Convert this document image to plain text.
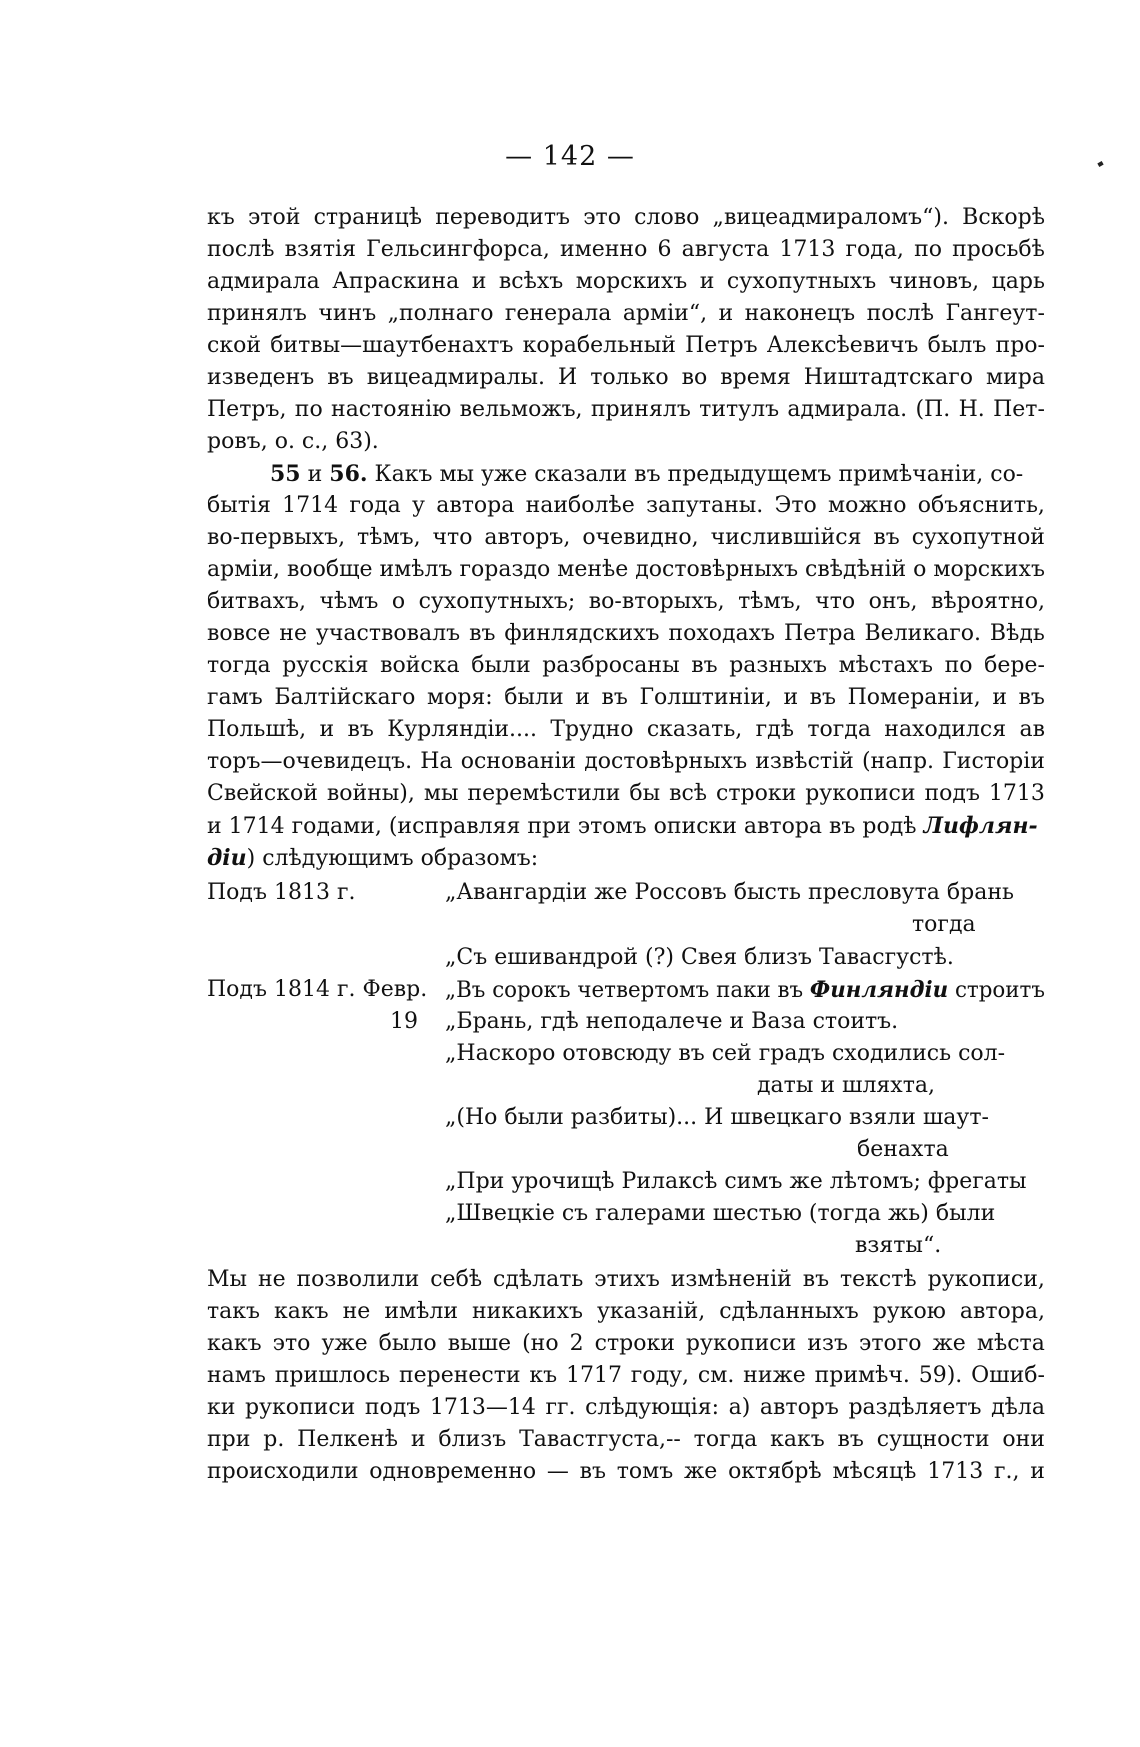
— 142 —
къ этой страницѣ переводитъ это слово „вицеадмираломъ“). Вскорѣ
послѣ взятія Гельсингфорса, именно 6 августа 1713 года, по просьбѣ
адмирала Апраскина и всѣхъ морскихъ и сухопутныхъ чиновъ, царь
принялъ чинъ „полнаго генерала арміи“, и наконецъ послѣ Гангеут-
ской битвы—шаутбенахтъ корабельный Петръ Алексѣевичъ былъ про-
изведенъ въ вицеадмиралы. И только во время Ништадтскаго мира
Петръ, по настоянію вельможъ, принялъ титулъ адмирала. (П. Н. Пет-
ровъ, о. с., 63).
55 и 56. Какъ мы уже сказали въ предыдущемъ примѣчаніи, со-
бытія 1714 года у автора наиболѣе запутаны. Это можно объяснить,
во-первыхъ, тѣмъ, что авторъ, очевидно, числившійся въ сухопутной
арміи, вообще имѣлъ гораздо менѣе достовѣрныхъ свѣдѣній о морскихъ
битвахъ, чѣмъ о сухопутныхъ; во-вторыхъ, тѣмъ, что онъ, вѣроятно,
вовсе не участвовалъ въ финлядскихъ походахъ Петра Великаго. Вѣдь
тогда русскія войска были разбросаны въ разныхъ мѣстахъ по бере-
гамъ Балтійскаго моря: были и въ Голштиніи, и въ Помераніи, и въ
Польшѣ, и въ Курляндіи.... Трудно сказать, гдѣ тогда находился ав
торъ—очевидецъ. На основаніи достовѣрныхъ извѣстій (напр. Гисторіи
Свейской войны), мы перемѣстили бы всѣ строки рукописи подъ 1713
и 1714 годами, (исправляя при этомъ описки автора въ родѣ Лифлян-
діи) слѣдующимъ образомъ:
Подъ 1813 г.	„Авангардіи же Россовъ бысть пресловута брань
тогда
„Съ ешивандрой (?) Свея близъ Тавасгустѣ.
Подъ 1814 г. Февр. „Въ сорокъ четвертомъ паки въ Финляндіи строитъ
19 „Брань, гдѣ неподалече и Ваза стоитъ.
„Наскоро отовсюду въ сей градъ сходились сол-
даты и шляхта,
„(Но были разбиты)... И швецкаго взяли шаут-
бенахта
„При урочищѣ Рилаксѣ симъ же лѣтомъ; фрегаты
„Швецкіе съ галерами шестью (тогда жь) были
взяты“.
Мы не позволили себѣ сдѣлать этихъ измѣненій въ текстѣ рукописи,
такъ какъ не имѣли никакихъ указаній, сдѣланныхъ рукою автора,
какъ это уже было выше (но 2 строки рукописи изъ этого же мѣста
намъ пришлось перенести къ 1717 году, см. ниже примѣч. 59). Ошиб-
ки рукописи подъ 1713—14 гг. слѣдующія: а) авторъ раздѣляетъ дѣла
при р. Пелкенѣ и близъ Тавастгуста,-- тогда какъ въ сущности они
происходили одновременно — въ томъ же октябрѣ мѣсяцѣ 1713 г., и
